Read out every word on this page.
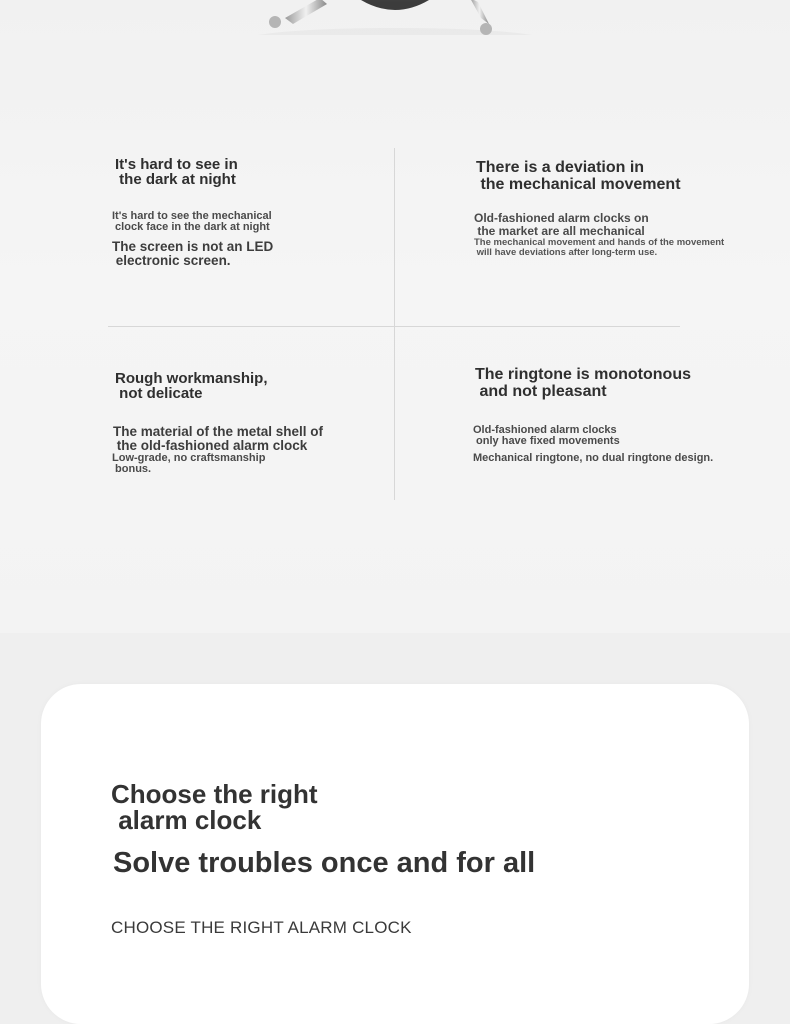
It's hard to see in
the dark at night
It's hard to see the mechanical
clock face in the dark at night
The screen is not an LED
electronic screen.
There is a deviation in
the mechanical movement
Old-fashioned alarm clocks on
the market are all mechanical
The mechanical movement and hands of the movement
will have deviations after long-term use.
Rough workmanship,
not delicate
The material of the metal shell of
the old-fashioned alarm clock
Low-grade, no craftsmanship
bonus.
The ringtone is monotonous
and not pleasant
Old-fashioned alarm clocks
only have fixed movements
Mechanical ringtone, no dual ringtone design.
Choose the right
alarm clock
Solve troubles once and for all
CHOOSE THE RIGHT ALARM CLOCK
